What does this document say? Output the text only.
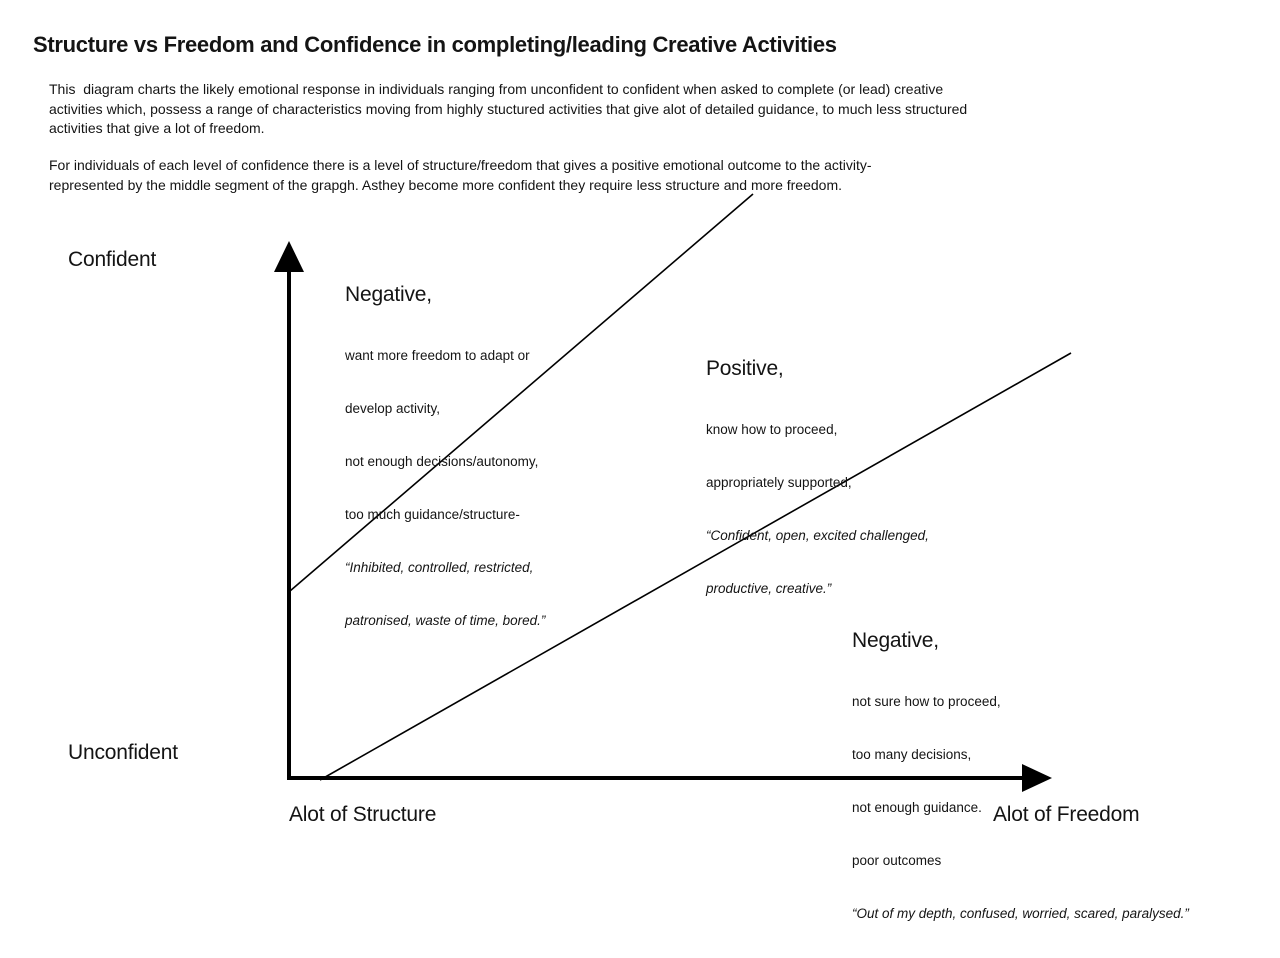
Structure vs Freedom and Confidence in completing/leading Creative Activities
This  diagram charts the likely emotional response in individuals ranging from unconfident to confident when asked to complete (or lead) creative
activities which, possess a range of characteristics moving from highly stuctured activities that give alot of detailed guidance, to much less structured
activities that give a lot of freedom.
For individuals of each level of confidence there is a level of structure/freedom that gives a positive emotional outcome to the activity-
represented by the middle segment of the grapgh. Asthey become more confident they require less structure and more freedom.
Confident
Unconfident
Alot of Structure	Alot of Freedom

Negative,

want more freedom to adapt or

develop activity,

not enough decisions/autonomy,

too much guidance/structure-

“Inhibited, controlled, restricted,

patronised, waste of time, bored.”

Positive,

know how to proceed,

appropriately supported,

“Confident, open, excited challenged,

productive, creative.”

Negative,

not sure how to proceed,

too many decisions,

not enough guidance.

poor outcomes

“Out of my depth, confused, worried, scared, paralysed.”
